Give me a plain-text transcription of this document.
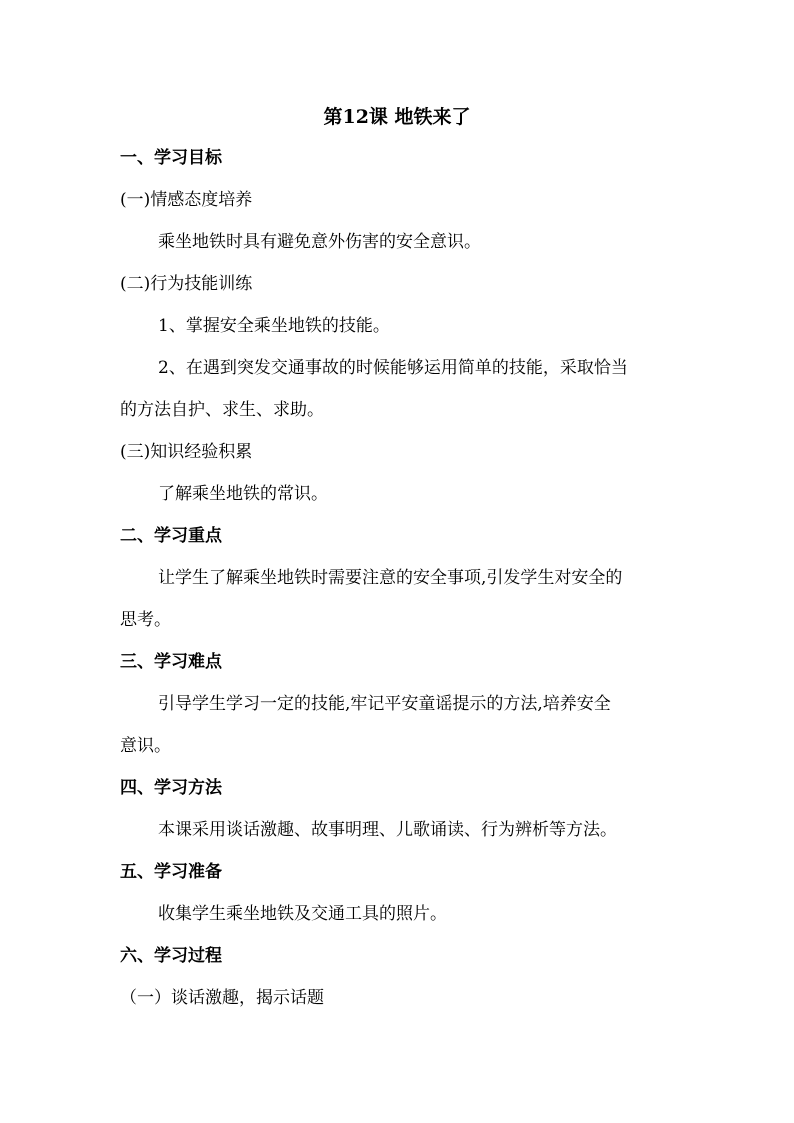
第12课 地铁来了
一、学习目标
(一)情感态度培养
乘坐地铁时具有避免意外伤害的安全意识。
(二)行为技能训练
1、掌握安全乘坐地铁的技能。
2、在遇到突发交通事故的时候能够运用简单的技能，采取恰当
的方法自护、求生、求助。
(三)知识经验积累
了解乘坐地铁的常识。
二、学习重点
让学生了解乘坐地铁时需要注意的安全事项,引发学生对安全的
思考。
三、学习难点
引导学生学习一定的技能,牢记平安童谣提示的方法,培养安全
意识。
四、学习方法
本课采用谈话激趣、故事明理、儿歌诵读、行为辨析等方法。
五、学习准备
收集学生乘坐地铁及交通工具的照片。
六、学习过程
（一）谈话激趣，揭示话题
